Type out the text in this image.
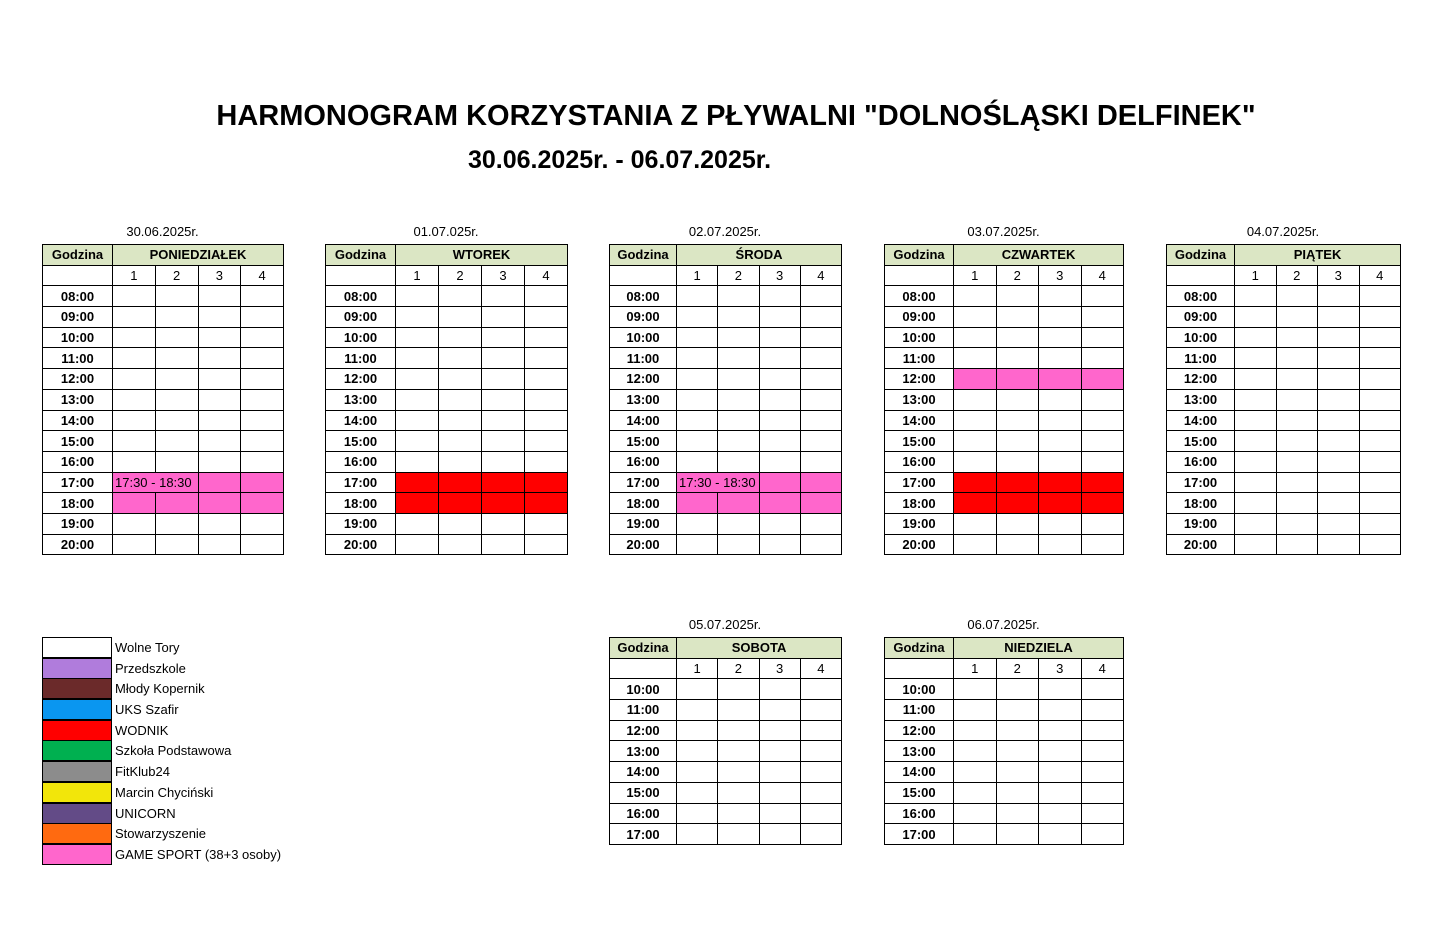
HARMONOGRAM KORZYSTANIA Z PŁYWALNI "DOLNOŚLĄSKI DELFINEK"
30.06.2025r. - 06.07.2025r.
30.06.2025r.
Godzina	PONIEDZIAŁEK			
	1	2	3	4
08:00				
09:00				
10:00				
11:00				
12:00				
13:00				
14:00				
15:00				
16:00				
17:00	17:30 - 18:30			
18:00				
19:00				
20:00				
01.07.025r.
Godzina	WTOREK			
	1	2	3	4
08:00				
09:00				
10:00				
11:00				
12:00				
13:00				
14:00				
15:00				
16:00				
17:00				
18:00				
19:00				
20:00				
02.07.2025r.
Godzina	ŚRODA			
	1	2	3	4
08:00				
09:00				
10:00				
11:00				
12:00				
13:00				
14:00				
15:00				
16:00				
17:00	17:30 - 18:30			
18:00				
19:00				
20:00				
03.07.2025r.
Godzina	CZWARTEK			
	1	2	3	4
08:00				
09:00				
10:00				
11:00				
12:00				
13:00				
14:00				
15:00				
16:00				
17:00				
18:00				
19:00				
20:00				
04.07.2025r.
Godzina	PIĄTEK			
	1	2	3	4
08:00				
09:00				
10:00				
11:00				
12:00				
13:00				
14:00				
15:00				
16:00				
17:00				
18:00				
19:00				
20:00				
05.07.2025r.
Godzina	SOBOTA			
	1	2	3	4
10:00				
11:00				
12:00				
13:00				
14:00				
15:00				
16:00				
17:00				
06.07.2025r.
Godzina	NIEDZIELA			
	1	2	3	4
10:00				
11:00				
12:00				
13:00				
14:00				
15:00				
16:00				
17:00				
Wolne Tory
Przedszkole
Młody Kopernik
UKS Szafir
WODNIK
Szkoła Podstawowa
FitKlub24
Marcin Chyciński
UNICORN
Stowarzyszenie
GAME SPORT (38+3 osoby)
